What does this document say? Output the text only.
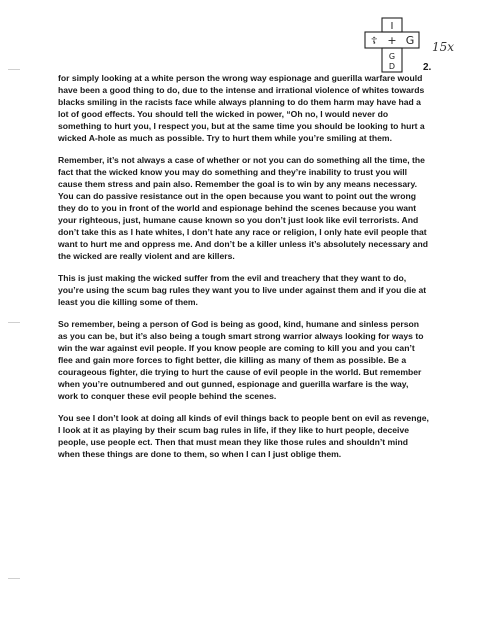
I
☦ + G
G
D
15x
2.

for simply looking at a white person the wrong way espionage and guerilla warfare would have been a good thing to do, due to the intense and irrational violence of whites towards blacks smiling in the racists face while always planning to do them harm may have had a lot of good effects. You should tell the wicked in power, “Oh no, I would never do something to hurt you, I respect you, but at the same time you should be looking to hurt a wicked A-hole as much as possible. Try to hurt them while you’re smiling at them.

Remember, it’s not always a case of whether or not you can do something all the time, the fact that the wicked know you may do something and they’re inability to trust you will cause them stress and pain also. Remember the goal is to win by any means necessary. You can do passive resistance out in the open because you want to point out the wrong they do to you in front of the world and espionage behind the scenes because you want your righteous, just, humane cause known so you don’t just look like evil terrorists. And don’t take this as I hate whites, I don’t hate any race or religion, I only hate evil people that want to hurt me and oppress me. And don’t be a killer unless it’s absolutely necessary and the wicked are really violent and are killers.

This is just making the wicked suffer from the evil and treachery that they want to do, you’re using the scum bag rules they want you to live under against them and if you die at least you die killing some of them.

So remember, being a person of God is being as good, kind, humane and sinless person as you can be, but it’s also being a tough smart strong warrior always looking for ways to win the war against evil people. If you know people are coming to kill you and you can’t flee and gain more forces to fight better, die killing as many of them as possible. Be a courageous fighter, die trying to hurt the cause of evil people in the world. But remember when you’re outnumbered and out gunned, espionage and guerilla warfare is the way, work to conquer these evil people behind the scenes.

You see I don’t look at doing all kinds of evil things back to people bent on evil as revenge, I look at it as playing by their scum bag rules in life, if they like to hurt people, deceive people, use people ect. Then that must mean they like those rules and shouldn’t mind when these things are done to them, so when I can I just oblige them.
